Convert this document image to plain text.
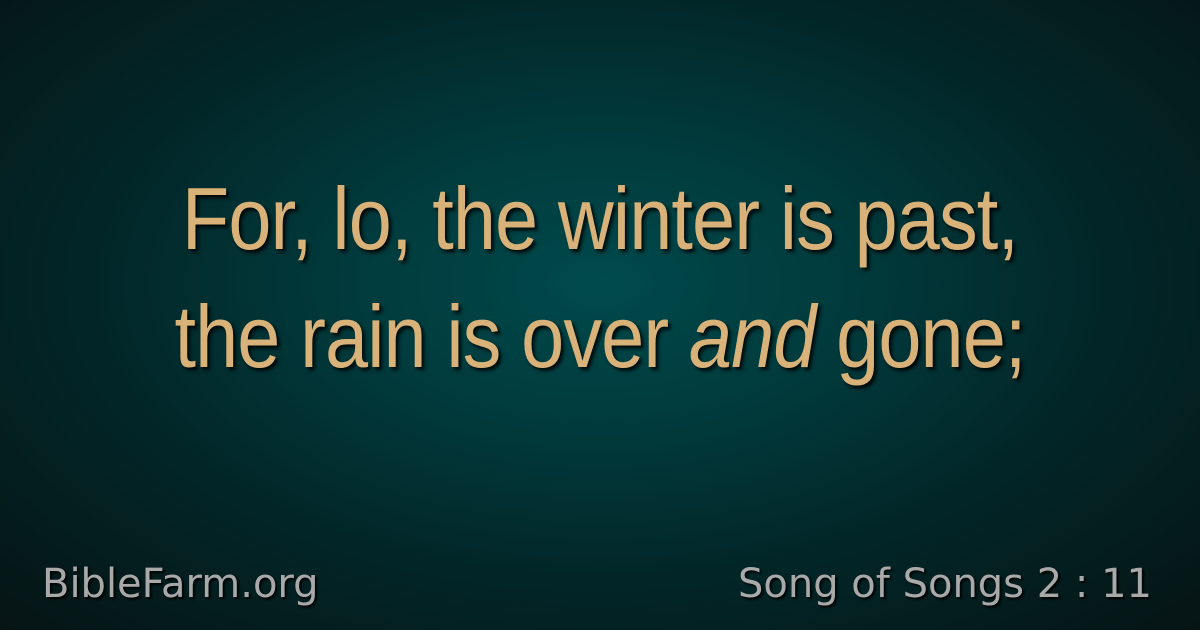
For, lo, the winter is past,
the rain is over and gone;
BibleFarm.org	Song of Songs 2 : 11
